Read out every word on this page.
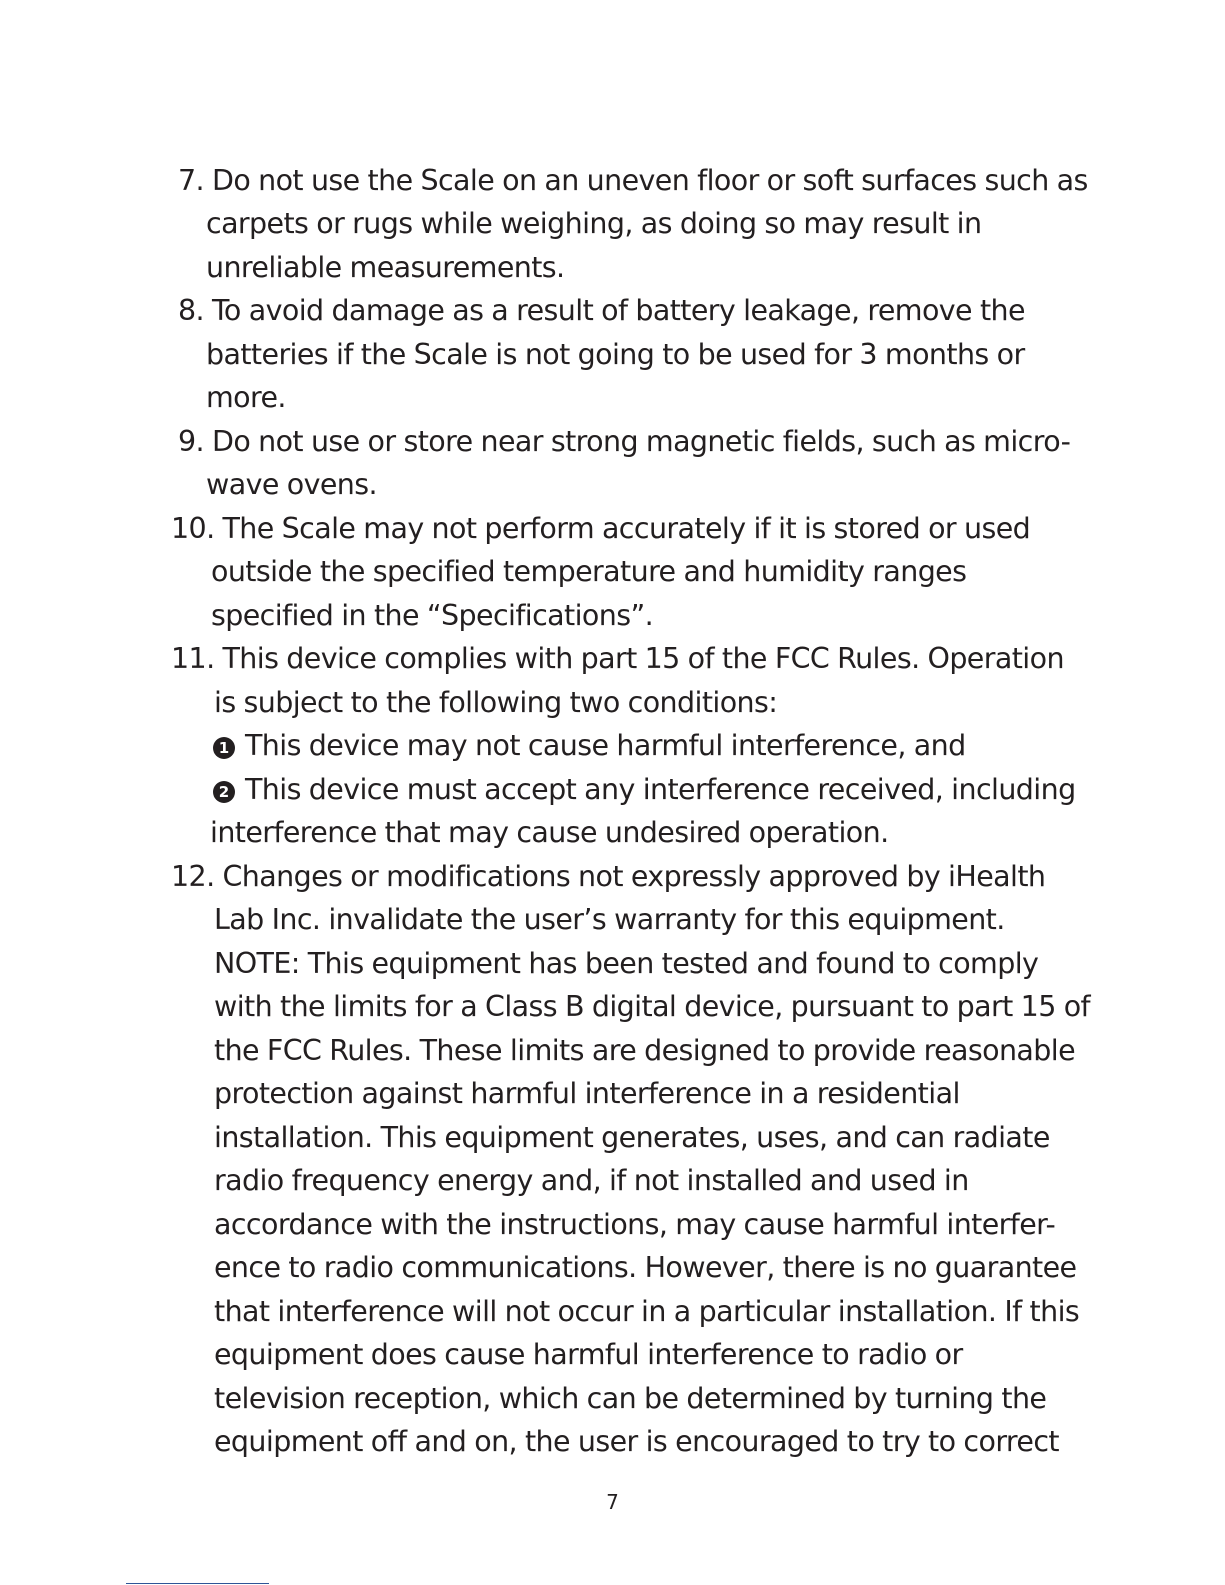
7. Do not use the Scale on an uneven floor or soft surfaces such as
carpets or rugs while weighing, as doing so may result in
unreliable measurements.
8. To avoid damage as a result of battery leakage, remove the
batteries if the Scale is not going to be used for 3 months or
more.
9. Do not use or store near strong magnetic fields, such as micro-
wave ovens.
10. The Scale may not perform accurately if it is stored or used
outside the specified temperature and humidity ranges
specified in the “Specifications”.
11. This device complies with part 15 of the FCC Rules. Operation
is subject to the following two conditions:
1 This device may not cause harmful interference, and
2 This device must accept any interference received, including
interference that may cause undesired operation.
12. Changes or modifications not expressly approved by iHealth
Lab Inc. invalidate the user’s warranty for this equipment.
NOTE: This equipment has been tested and found to comply
with the limits for a Class B digital device, pursuant to part 15 of
the FCC Rules. These limits are designed to provide reasonable
protection against harmful interference in a residential
installation. This equipment generates, uses, and can radiate
radio frequency energy and, if not installed and used in
accordance with the instructions, may cause harmful interfer-
ence to radio communications. However, there is no guarantee
that interference will not occur in a particular installation. If this
equipment does cause harmful interference to radio or
television reception, which can be determined by turning the
equipment off and on, the user is encouraged to try to correct
7
